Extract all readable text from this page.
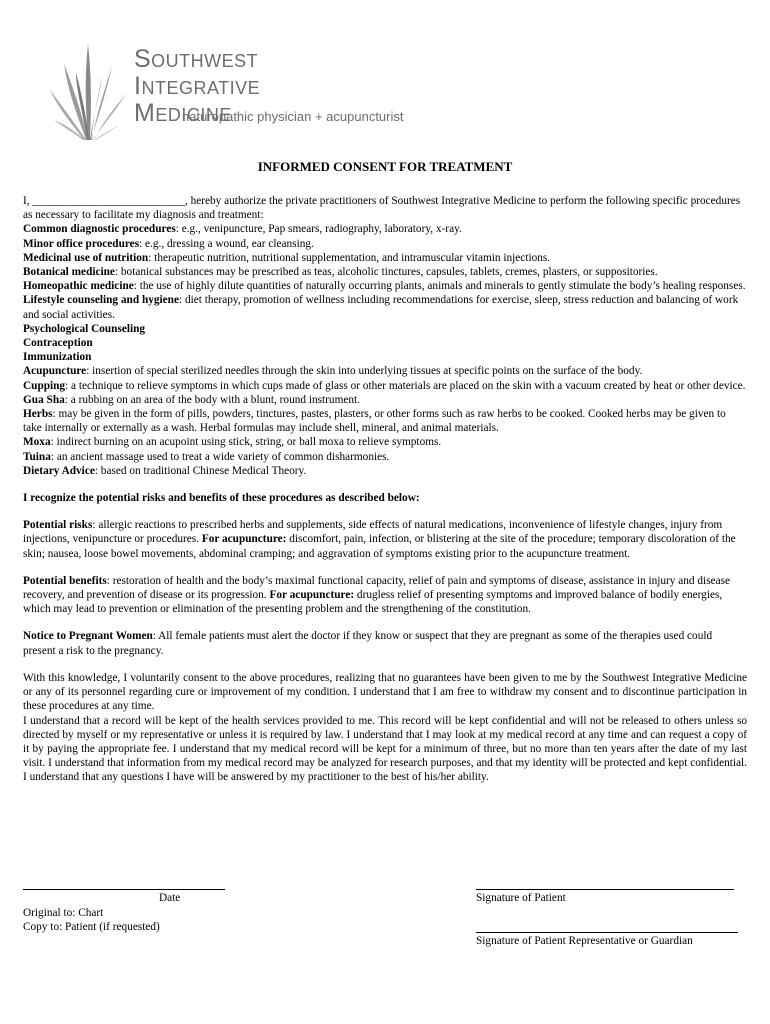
Southwest
Integrative
Medicine
naturopathic physician + acupuncturist
INFORMED CONSENT FOR TREATMENT

I, ___________________________, hereby authorize the private practitioners of Southwest Integrative Medicine to perform the following specific procedures as necessary to facilitate my diagnosis and treatment:

Common diagnostic procedures: e.g., venipuncture, Pap smears, radiography, laboratory, x-ray.

Minor office procedures: e.g., dressing a wound, ear cleansing.

Medicinal use of nutrition: therapeutic nutrition, nutritional supplementation, and intramuscular vitamin injections.

Botanical medicine: botanical substances may be prescribed as teas, alcoholic tinctures, capsules, tablets, cremes, plasters, or suppositories.

Homeopathic medicine: the use of highly dilute quantities of naturally occurring plants, animals and minerals to gently stimulate the body’s healing responses.

Lifestyle counseling and hygiene: diet therapy, promotion of wellness including recommendations for exercise, sleep, stress reduction and balancing of work and social activities.

Psychological Counseling

Contraception

Immunization

Acupuncture: insertion of special sterilized needles through the skin into underlying tissues at specific points on the surface of the body.

Cupping: a technique to relieve symptoms in which cups made of glass or other materials are placed on the skin with a vacuum created by heat or other device.

Gua Sha: a rubbing on an area of the body with a blunt, round instrument.

Herbs: may be given in the form of pills, powders, tinctures, pastes, plasters, or other forms such as raw herbs to be cooked. Cooked herbs may be given to take internally or externally as a wash. Herbal formulas may include shell, mineral, and animal materials.

Moxa: indirect burning on an acupoint using stick, string, or ball moxa to relieve symptoms.

Tuina: an ancient massage used to treat a wide variety of common disharmonies.

Dietary Advice: based on traditional Chinese Medical Theory.

I recognize the potential risks and benefits of these procedures as described below:

Potential risks: allergic reactions to prescribed herbs and supplements, side effects of natural medications, inconvenience of lifestyle changes, injury from injections, venipuncture or procedures. For acupuncture: discomfort, pain, infection, or blistering at the site of the procedure; temporary discoloration of the skin; nausea, loose bowel movements, abdominal cramping; and aggravation of symptoms existing prior to the acupuncture treatment.

Potential benefits: restoration of health and the body’s maximal functional capacity, relief of pain and symptoms of disease, assistance in injury and disease recovery, and prevention of disease or its progression. For acupuncture: drugless relief of presenting symptoms and improved balance of bodily energies, which may lead to prevention or elimination of the presenting problem and the strengthening of the constitution.

Notice to Pregnant Women: All female patients must alert the doctor if they know or suspect that they are pregnant as some of the therapies used could present a risk to the pregnancy.

With this knowledge, I voluntarily consent to the above procedures, realizing that no guarantees have been given to me by the Southwest Integrative Medicine or any of its personnel regarding cure or improvement of my condition. I understand that I am free to withdraw my consent and to discontinue participation in these procedures at any time.

I understand that a record will be kept of the health services provided to me. This record will be kept confidential and will not be released to others unless so directed by myself or my representative or unless it is required by law. I understand that I may look at my medical record at any time and can request a copy of it by paying the appropriate fee. I understand that my medical record will be kept for a minimum of three, but no more than ten years after the date of my last visit. I understand that information from my medical record may be analyzed for research purposes, and that my identity will be protected and kept confidential. I understand that any questions I have will be answered by my practitioner to the best of his/her ability.

Date
Original to: Chart
Copy to: Patient (if requested)
Signature of Patient
Signature of Patient Representative or Guardian
